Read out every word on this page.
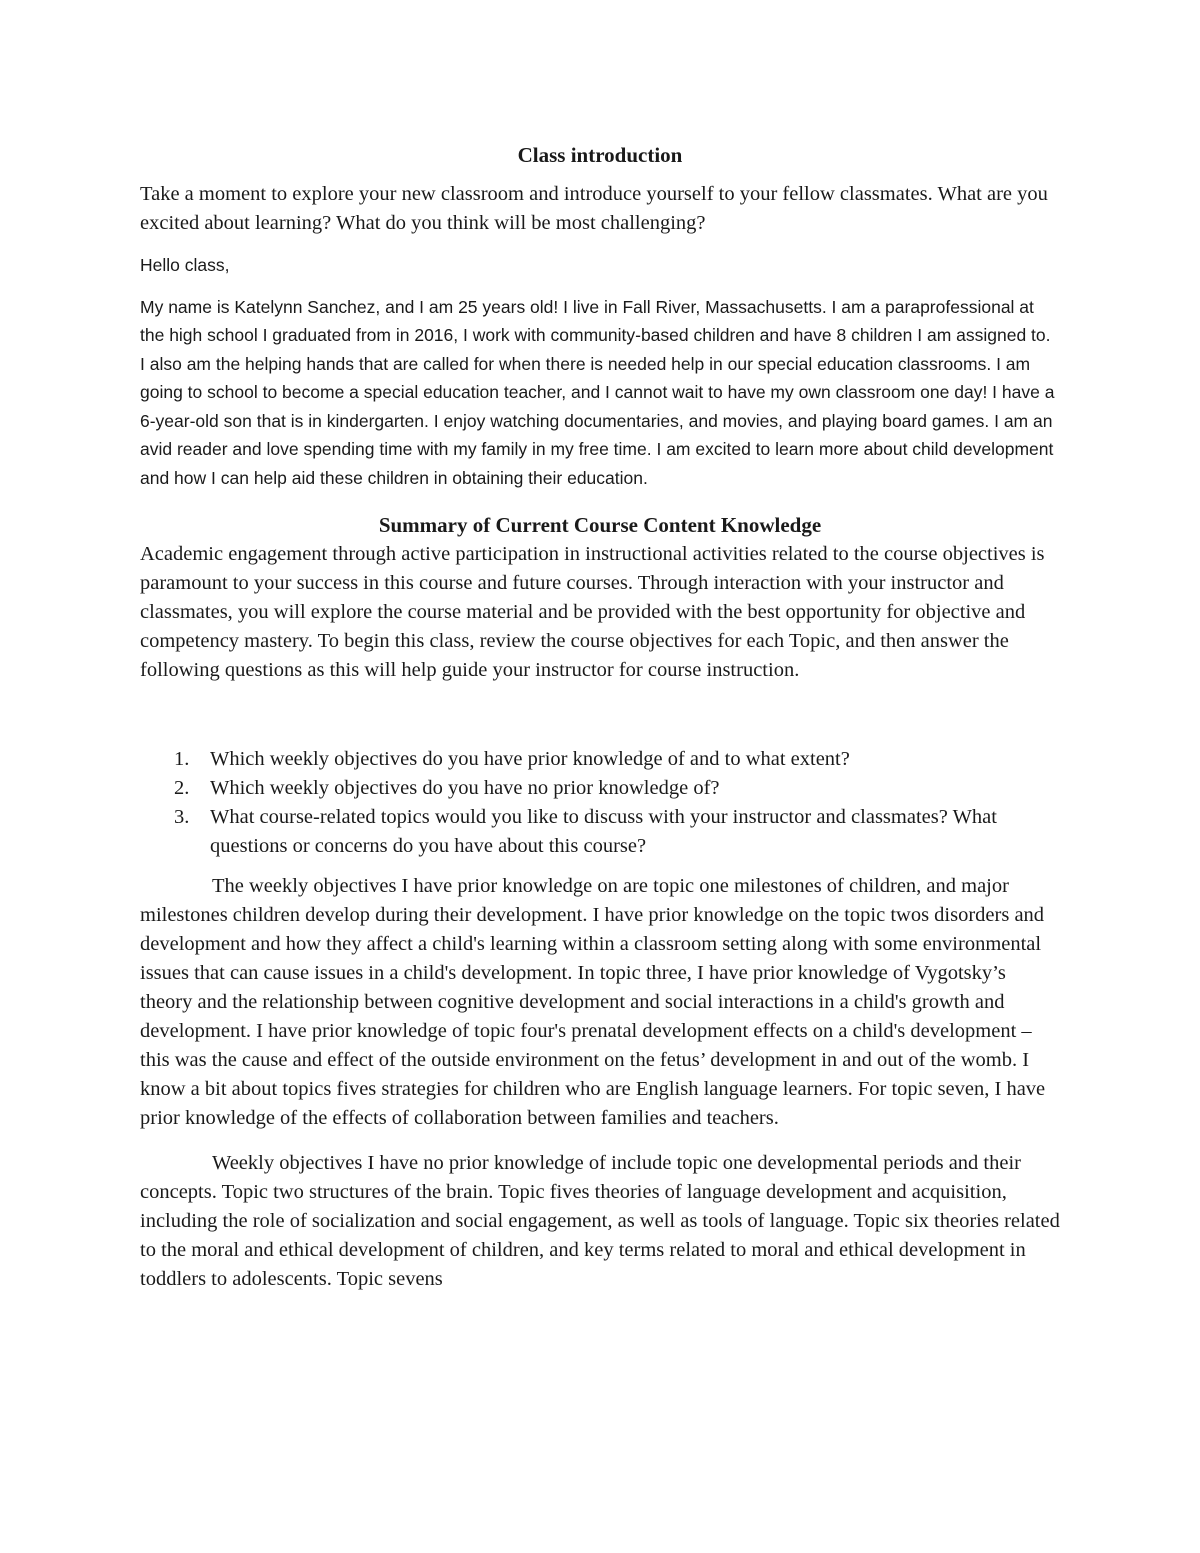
Class introduction

Take a moment to explore your new classroom and introduce yourself to your fellow classmates. What are you excited about learning? What do you think will be most challenging?

Hello class,

My name is Katelynn Sanchez, and I am 25 years old! I live in Fall River, Massachusetts. I am a paraprofessional at the high school I graduated from in 2016, I work with community-based children and have 8 children I am assigned to. I also am the helping hands that are called for when there is needed help in our special education classrooms. I am going to school to become a special education teacher, and I cannot wait to have my own classroom one day! I have a 6-year-old son that is in kindergarten. I enjoy watching documentaries, and movies, and playing board games. I am an avid reader and love spending time with my family in my free time. I am excited to learn more about child development and how I can help aid these children in obtaining their education.

Summary of Current Course Content Knowledge

Academic engagement through active participation in instructional activities related to the course objectives is paramount to your success in this course and future courses. Through interaction with your instructor and classmates, you will explore the course material and be provided with the best opportunity for objective and competency mastery. To begin this class, review the course objectives for each Topic, and then answer the following questions as this will help guide your instructor for course instruction.

1. Which weekly objectives do you have prior knowledge of and to what extent?
2. Which weekly objectives do you have no prior knowledge of?
3. What course-related topics would you like to discuss with your instructor and classmates? What questions or concerns do you have about this course?

The weekly objectives I have prior knowledge on are topic one milestones of children, and major milestones children develop during their development. I have prior knowledge on the topic twos disorders and development and how they affect a child's learning within a classroom setting along with some environmental issues that can cause issues in a child's development. In topic three, I have prior knowledge of Vygotsky’s theory and the relationship between cognitive development and social interactions in a child's growth and development. I have prior knowledge of topic four's prenatal development effects on a child's development – this was the cause and effect of the outside environment on the fetus’ development in and out of the womb. I know a bit about topics fives strategies for children who are English language learners. For topic seven, I have prior knowledge of the effects of collaboration between families and teachers.

Weekly objectives I have no prior knowledge of include topic one developmental periods and their concepts. Topic two structures of the brain. Topic fives theories of language development and acquisition, including the role of socialization and social engagement, as well as tools of language. Topic six theories related to the moral and ethical development of children, and key terms related to moral and ethical development in toddlers to adolescents. Topic sevens
